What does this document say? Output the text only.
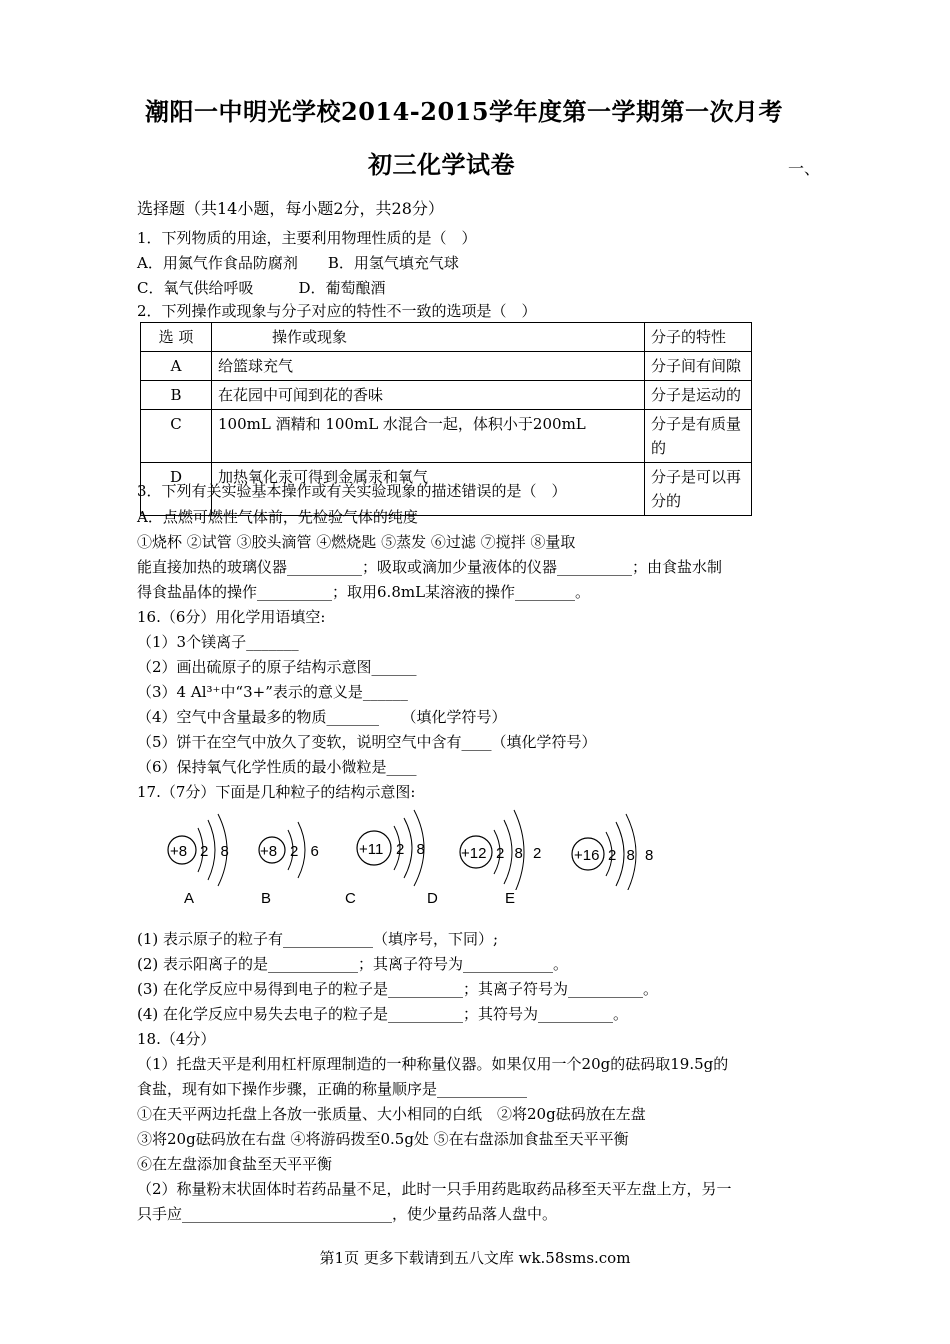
潮阳一中明光学校2014-2015学年度第一学期第一次月考
初三化学试卷	一、
选择题（共14小题，每小题2分，共28分）
1．下列物质的用途，主要利用物理性质的是（　）
A．用氮气作食品防腐剂　　B．用氢气填充气球
C．氧气供给呼吸　　　D．葡萄酿酒
2．下列操作或现象与分子对应的特性不一致的选项是（　）
选 项	操作或现象	分子的特性
A	给篮球充气	分子间有间隙
B	在花园中可闻到花的香味	分子是运动的
C	100mL 酒精和 100mL 水混合一起，体积小于200mL	分子是有质量的
D	加热氧化汞可得到金属汞和氧气	分子是可以再分的
3．下列有关实验基本操作或有关实验现象的描述错误的是（　）
A．点燃可燃性气体前，先检验气体的纯度
①烧杯 ②试管 ③胶头滴管 ④燃烧匙 ⑤蒸发 ⑥过滤 ⑦搅拌 ⑧量取
能直接加热的玻璃仪器__________；吸取或滴加少量液体的仪器__________；由食盐水制
得食盐晶体的操作__________；取用6.8mL某溶液的操作________。
16.（6分）用化学用语填空:
（1）3个镁离子_______
（2）画出硫原子的原子结构示意图______
（3）4 Al³⁺中“3+”表示的意义是______
（4）空气中含量最多的物质_______　　（填化学符号）
（5）饼干在空气中放久了变软，说明空气中含有____（填化学符号）
（6）保持氧气化学性质的最小微粒是____
17.（7分）下面是几种粒子的结构示意图:
+8 2 8 +8 2 6 +11 2 8 +12 2 8 2 +16 2 8 8
A	B	C	D	E
(1) 表示原子的粒子有____________（填序号，下同）;
(2) 表示阳离子的是____________；其离子符号为____________。
(3) 在化学反应中易得到电子的粒子是__________；其离子符号为__________。
(4) 在化学反应中易失去电子的粒子是__________；其符号为__________。
18.（4分）
（1）托盘天平是利用杠杆原理制造的一种称量仪器。如果仅用一个20g的砝码取19.5g的
食盐，现有如下操作步骤，正确的称量顺序是____________
①在天平两边托盘上各放一张质量、大小相同的白纸　②将20g砝码放在左盘
③将20g砝码放在右盘 ④将游码拨至0.5g处 ⑤在右盘添加食盐至天平平衡
⑥在左盘添加食盐至天平平衡
（2）称量粉末状固体时若药品量不足，此时一只手用药匙取药品移至天平左盘上方，另一
只手应____________________________，使少量药品落人盘中。
第1页 更多下载请到五八文库 wk.58sms.com
